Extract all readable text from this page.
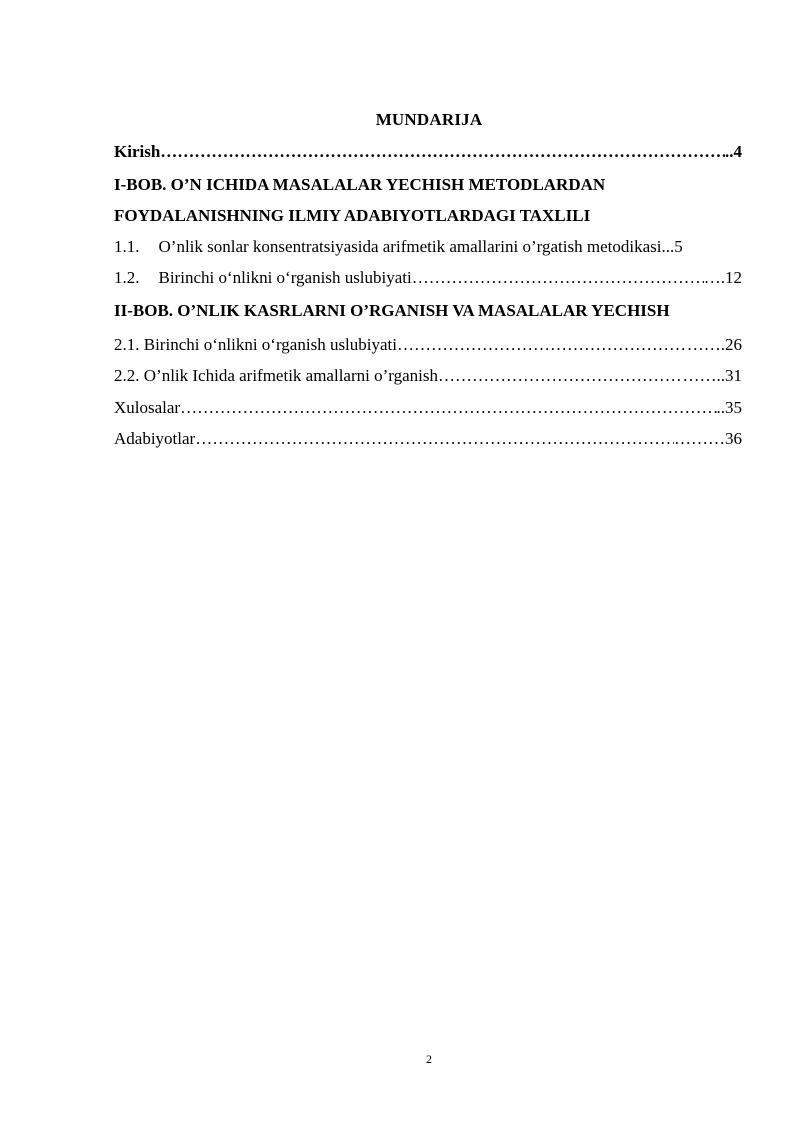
MUNDARIJA
Kirish ……………………………………………………………………………………………………………………………………………………………………	..4
I-BOB. O’N ICHIDA MASALALAR YECHISH METODLARDAN
FOYDALANISHNING ILMIY ADABIYOTLARDAGI TAXLILI
1.1. O’nlik sonlar konsentratsiyasida arifmetik amallarini o’rgatish metodikasi ...5
1.2. Birinchi o‘nlikni o‘rganish uslubiyati ……………………………………………………………………………………………………………………………………………………………………	….12
II-BOB. O’NLIK KASRLARNI O’RGANISH VA MASALALAR YECHISH
2.1. Birinchi o‘nlikni o‘rganish uslubiyati ……………………………………………………………………………………………………………………………………………………………………	…….26
2.2. O’nlik Ichida arifmetik amallarni o’rganish ……………………………………………………………………………………………………………………………………………………………………	……..31
Xulosalar ……………………………………………………………………………………………………………………………………………………………………	..35
Adabiyotlar ……………………………………………………………………………………………………………………………………………………………………	………36
2
